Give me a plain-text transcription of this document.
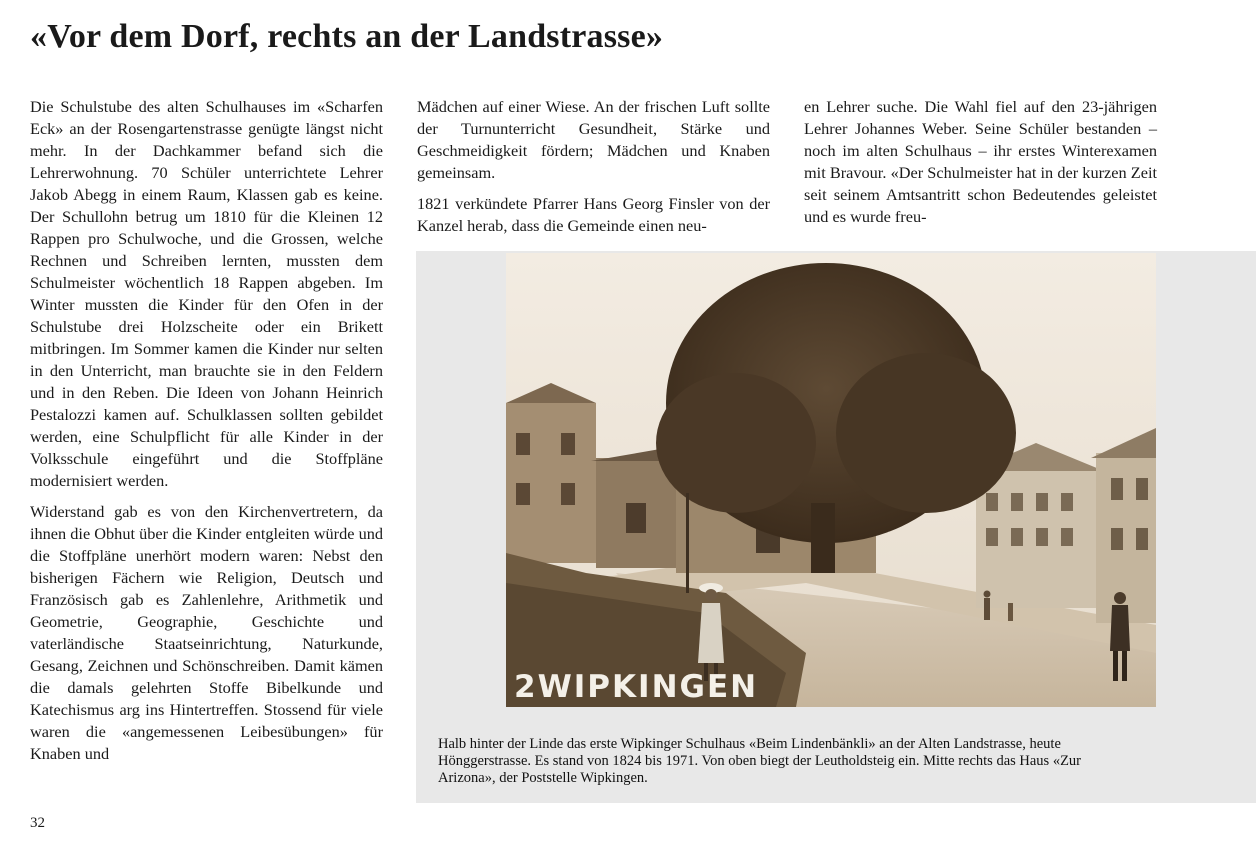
«Vor dem Dorf, rechts an der Landstrasse»

Die Schulstube des alten Schulhauses im «Scharfen Eck» an der Rosengartenstrasse genügte längst nicht mehr. In der Dachkammer befand sich die Lehrerwohnung. 70 Schüler unterrichtete Lehrer Jakob Abegg in einem Raum, Klassen gab es keine. Der Schullohn betrug um 1810 für die Kleinen 12 Rappen pro Schulwoche, und die Grossen, welche Rechnen und Schreiben lernten, mussten dem Schulmeister wöchentlich 18 Rappen abgeben. Im Winter mussten die Kinder für den Ofen in der Schulstube drei Holzscheite oder ein Brikett mitbringen. Im Sommer kamen die Kinder nur selten in den Unterricht, man brauchte sie in den Feldern und in den Reben. Die Ideen von Johann Heinrich Pestalozzi kamen auf. Schulklassen sollten gebildet werden, eine Schulpflicht für alle Kinder in der Volksschule eingeführt und die Stoffpläne modernisiert werden.

Widerstand gab es von den Kirchenvertretern, da ihnen die Obhut über die Kinder entgleiten würde und die Stoffpläne unerhört modern waren: Nebst den bisherigen Fächern wie Religion, Deutsch und Französisch gab es Zahlenlehre, Arithmetik und Geometrie, Geographie, Geschichte und vaterländische Staatseinrichtung, Naturkunde, Gesang, Zeichnen und Schönschreiben. Damit kämen die damals gelehrten Stoffe Bibelkunde und Katechismus arg ins Hintertreffen. Stossend für viele waren die «angemessenen Leibesübungen» für Knaben und

Mädchen auf einer Wiese. An der frischen Luft sollte der Turnunterricht Gesundheit, Stärke und Geschmeidigkeit fördern; Mädchen und Knaben gemeinsam.

1821 verkündete Pfarrer Hans Georg Finsler von der Kanzel herab, dass die Gemeinde einen neu-

en Lehrer suche. Die Wahl fiel auf den 23-jährigen Lehrer Johannes Weber. Seine Schüler bestanden – noch im alten Schulhaus – ihr erstes Winterexamen mit Bravour. «Der Schulmeister hat in der kurzen Zeit seit seinem Amtsantritt schon Bedeutendes geleistet und es wurde freu-

2WIPKINGEN
Halb hinter der Linde das erste Wipkinger Schulhaus «Beim Lindenbänkli» an der Alten Landstrasse, heute Hönggerstrasse. Es stand von 1824 bis 1971. Von oben biegt der Leutholdsteig ein. Mitte rechts das Haus «Zur Arizona», der Poststelle Wipkingen.
32
